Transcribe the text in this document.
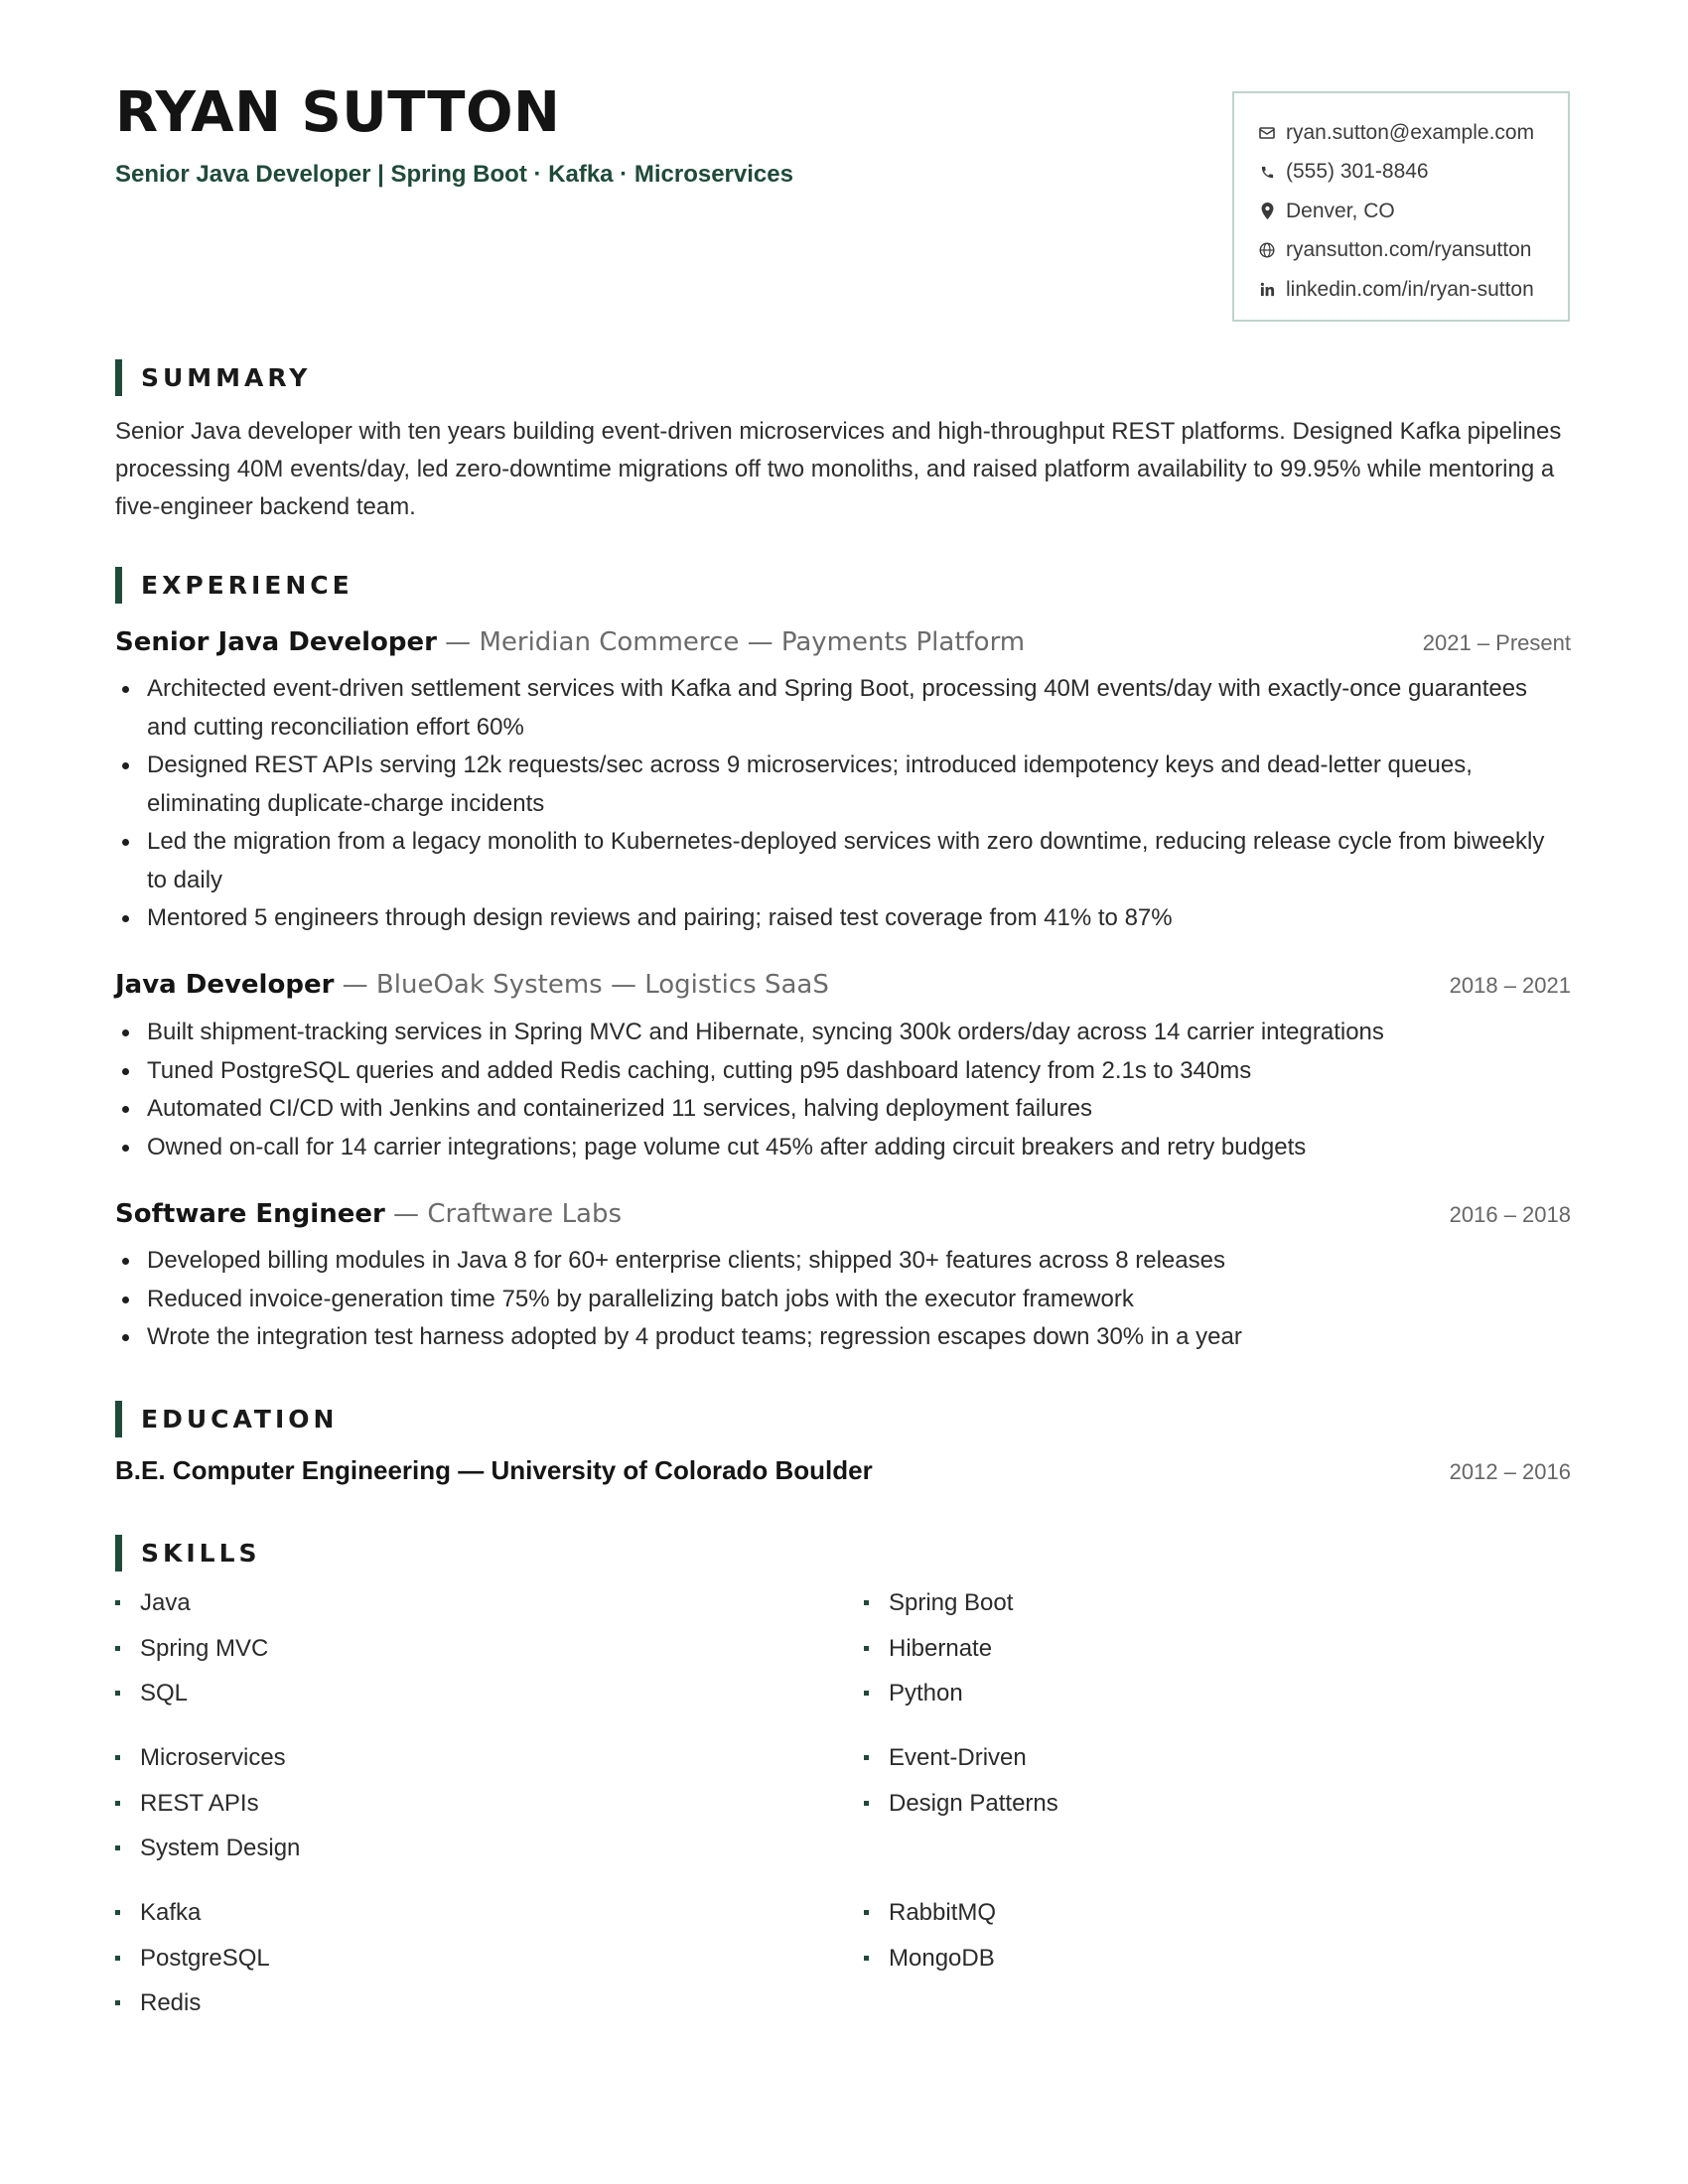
RYAN SUTTON
Senior Java Developer | Spring Boot · Kafka · Microservices
ryan.sutton@example.com
(555) 301-8846
Denver, CO
ryansutton.com/ryansutton
linkedin.com/in/ryan-sutton
SUMMARY

Senior Java developer with ten years building event-driven microservices and high-throughput REST platforms. Designed Kafka pipelines processing 40M events/day, led zero-downtime migrations off two monoliths, and raised platform availability to 99.95% while mentoring a five-engineer backend team.

EXPERIENCE
Senior Java Developer — Meridian Commerce — Payments Platform	2021 – Present
Architected event-driven settlement services with Kafka and Spring Boot, processing 40M events/day with exactly-once guarantees and cutting reconciliation effort 60%
Designed REST APIs serving 12k requests/sec across 9 microservices; introduced idempotency keys and dead-letter queues, eliminating duplicate-charge incidents
Led the migration from a legacy monolith to Kubernetes-deployed services with zero downtime, reducing release cycle from biweekly to daily
Mentored 5 engineers through design reviews and pairing; raised test coverage from 41% to 87%
Java Developer — BlueOak Systems — Logistics SaaS	2018 – 2021
Built shipment-tracking services in Spring MVC and Hibernate, syncing 300k orders/day across 14 carrier integrations
Tuned PostgreSQL queries and added Redis caching, cutting p95 dashboard latency from 2.1s to 340ms
Automated CI/CD with Jenkins and containerized 11 services, halving deployment failures
Owned on-call for 14 carrier integrations; page volume cut 45% after adding circuit breakers and retry budgets
Software Engineer — Craftware Labs	2016 – 2018
Developed billing modules in Java 8 for 60+ enterprise clients; shipped 30+ features across 8 releases
Reduced invoice-generation time 75% by parallelizing batch jobs with the executor framework
Wrote the integration test harness adopted by 4 product teams; regression escapes down 30% in a year
EDUCATION
B.E. Computer Engineering — University of Colorado Boulder	2012 – 2016
SKILLS
Java
Spring MVC
SQL
Spring Boot
Hibernate
Python
Microservices
REST APIs
System Design
Event-Driven
Design Patterns
Kafka
PostgreSQL
Redis
RabbitMQ
MongoDB
